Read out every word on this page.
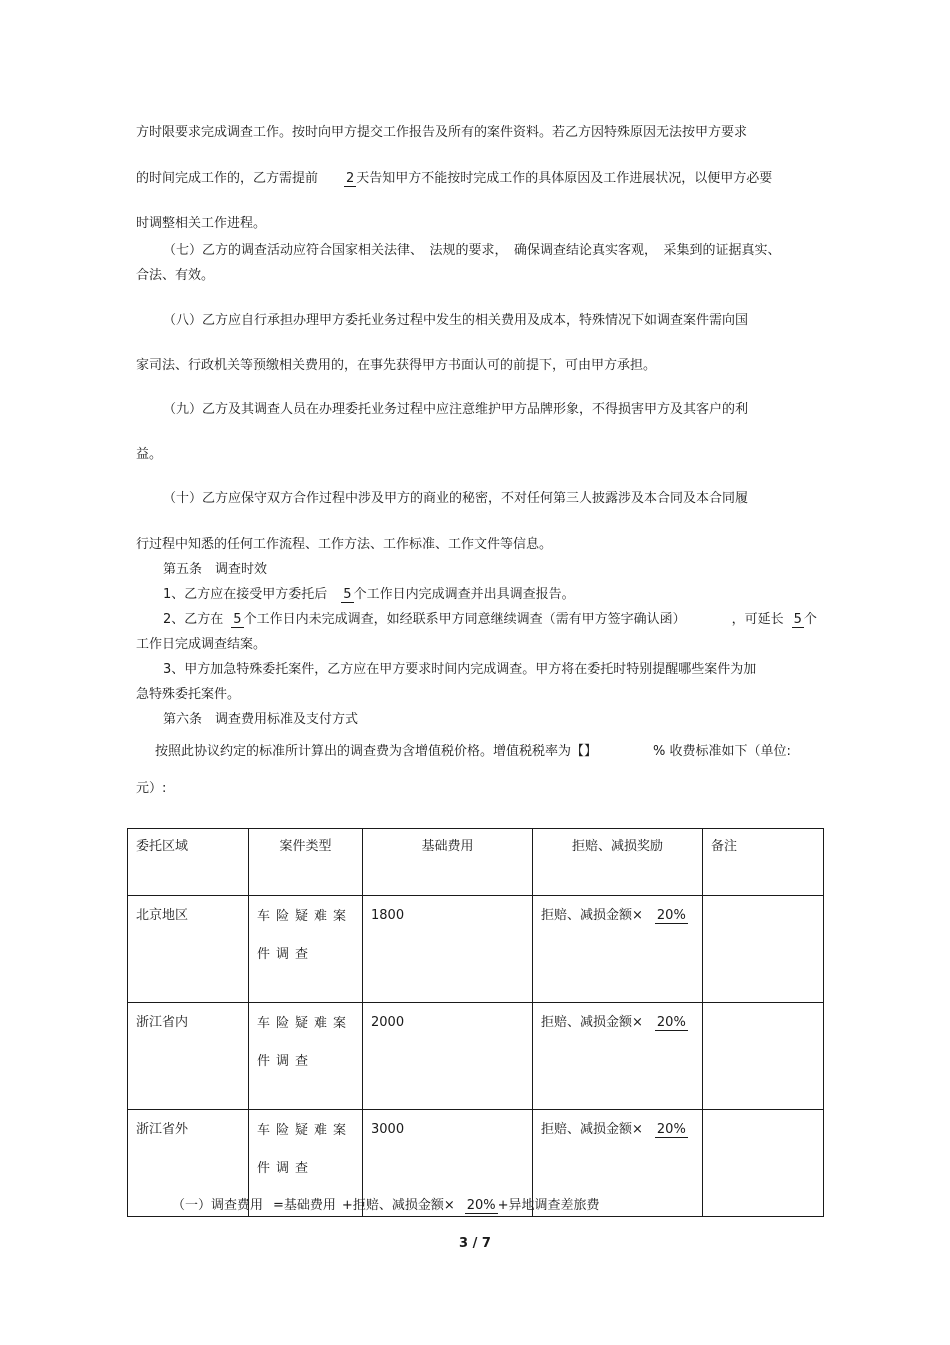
方时限要求完成调查工作。按时向甲方提交工作报告及所有的案件资料。若乙方因特殊原因无法按甲方要求
的时间完成工作的，乙方需提前 2 天告知甲方不能按时完成工作的具体原因及工作进展状况，以便甲方必要
时调整相关工作进程。
（七）乙方的调查活动应符合国家相关法律、　法规的要求，　确保调查结论真实客观，　采集到的证据真实、
合法、有效。
（八）乙方应自行承担办理甲方委托业务过程中发生的相关费用及成本，特殊情况下如调查案件需向国
家司法、行政机关等预缴相关费用的，在事先获得甲方书面认可的前提下，可由甲方承担。
（九）乙方及其调查人员在办理委托业务过程中应注意维护甲方品牌形象，不得损害甲方及其客户的利
益。
（十）乙方应保守双方合作过程中涉及甲方的商业的秘密，不对任何第三人披露涉及本合同及本合同履
行过程中知悉的任何工作流程、工作方法、工作标准、工作文件等信息。
第五条　调查时效
1、乙方应在接受甲方委托后 5 个工作日内完成调查并出具调查报告。
2、乙方在 5 个工作日内未完成调查，如经联系甲方同意继续调查（需有甲方签字确认函）	，可延长 5 个
工作日完成调查结案。
3、甲方加急特殊委托案件，乙方应在甲方要求时间内完成调查。甲方将在委托时特别提醒哪些案件为加
急特殊委托案件。
第六条　调查费用标准及支付方式
按照此协议约定的标准所计算出的调查费为含增值税价格。增值税税率为【】	% 收费标准如下（单位:
元）:
委托区域	案件类型	基础费用	拒赔、减损奖励	备注
北京地区	车险疑难案件调查	1800	拒赔、减损金额× 20%	
浙江省内	车险疑难案件调查	2000	拒赔、减损金额× 20%	
浙江省外	车险疑难案件调查	3000	拒赔、减损金额× 20%	
（一）调查费用 =基础费用 +拒赔、减损金额× 20% +异地调查差旅费
3 / 7
